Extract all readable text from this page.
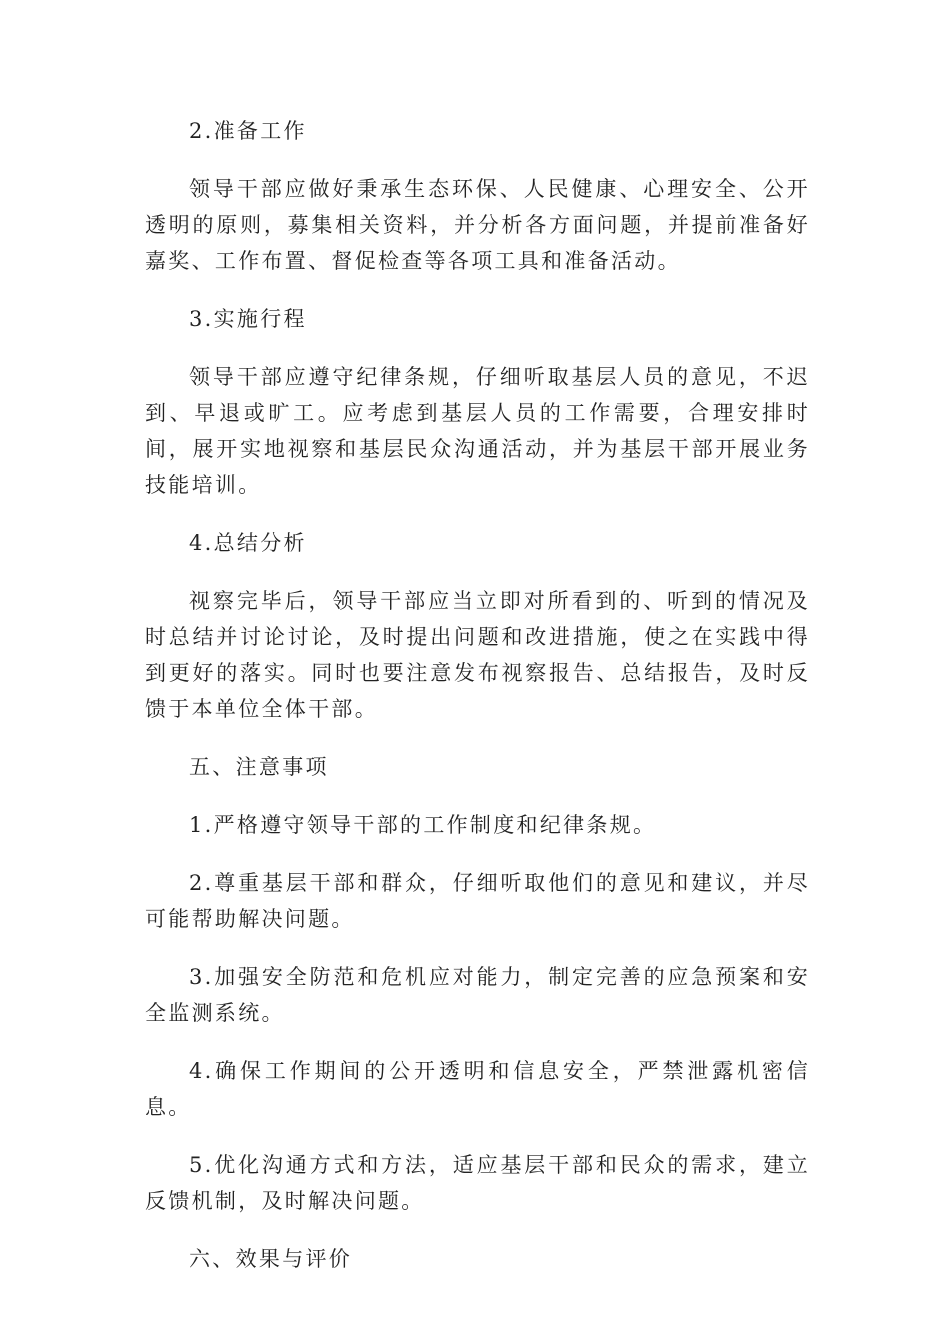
2.准备工作
领导干部应做好秉承生态环保、人民健康、心理安全、公开透明的原则，募集相关资料，并分析各方面问题，并提前准备好嘉奖、工作布置、督促检查等各项工具和准备活动。
3.实施行程
领导干部应遵守纪律条规，仔细听取基层人员的意见，不迟到、早退或旷工。应考虑到基层人员的工作需要，合理安排时间，展开实地视察和基层民众沟通活动，并为基层干部开展业务技能培训。
4.总结分析
视察完毕后，领导干部应当立即对所看到的、听到的情况及时总结并讨论讨论，及时提出问题和改进措施，使之在实践中得到更好的落实。同时也要注意发布视察报告、总结报告，及时反馈于本单位全体干部。
五、注意事项
1.严格遵守领导干部的工作制度和纪律条规。
2.尊重基层干部和群众，仔细听取他们的意见和建议，并尽可能帮助解决问题。
3.加强安全防范和危机应对能力，制定完善的应急预案和安全监测系统。
4.确保工作期间的公开透明和信息安全，严禁泄露机密信息。
5.优化沟通方式和方法，适应基层干部和民众的需求，建立反馈机制，及时解决问题。
六、效果与评价
